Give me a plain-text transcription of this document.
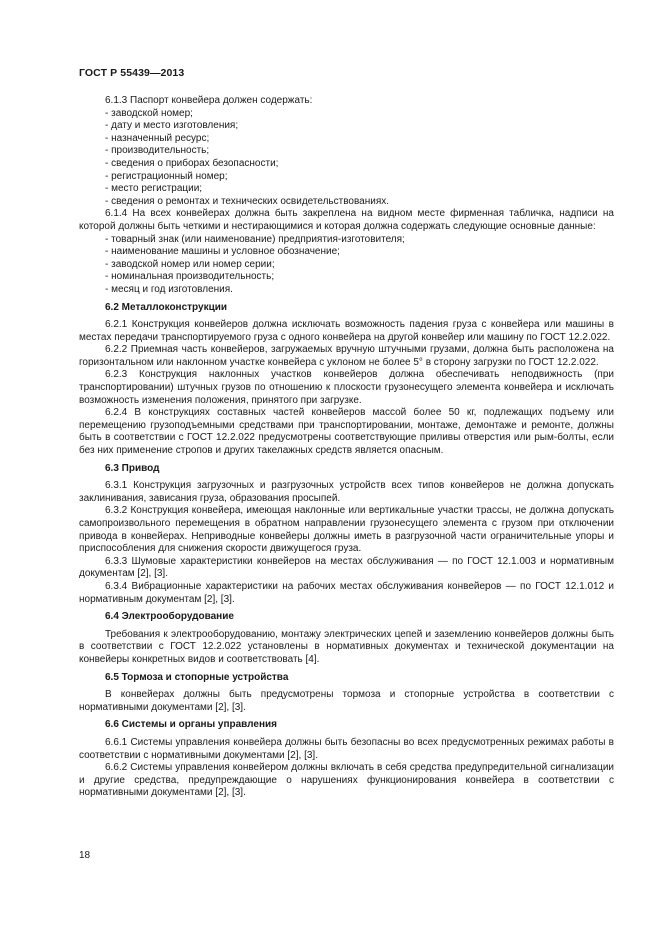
ГОСТ Р 55439—2013
6.1.3 Паспорт конвейера должен содержать:
- заводской номер;
- дату и место изготовления;
- назначенный ресурс;
- производительность;
- сведения о приборах безопасности;
- регистрационный номер;
- место регистрации;
- сведения о ремонтах и технических освидетельствованиях.
6.1.4 На всех конвейерах должна быть закреплена на видном месте фирменная табличка, надписи на которой должны быть четкими и нестирающимися и которая должна содержать следующие основные данные:
- товарный знак (или наименование) предприятия-изготовителя;
- наименование машины и условное обозначение;
- заводской номер или номер серии;
- номинальная производительность;
- месяц и год изготовления.
6.2 Металлоконструкции
6.2.1 Конструкция конвейеров должна исключать возможность падения груза с конвейера или машины в местах передачи транспортируемого груза с одного конвейера на другой конвейер или машину по ГОСТ 12.2.022.
6.2.2 Приемная часть конвейеров, загружаемых вручную штучными грузами, должна быть расположена на горизонтальном или наклонном участке конвейера с уклоном не более 5° в сторону загрузки по ГОСТ 12.2.022.
6.2.3 Конструкция наклонных участков конвейеров должна обеспечивать неподвижность (при транспортировании) штучных грузов по отношению к плоскости грузонесущего элемента конвейера и исключать возможность изменения положения, принятого при загрузке.
6.2.4 В конструкциях составных частей конвейеров массой более 50 кг, подлежащих подъему или перемещению грузоподъемными средствами при транспортировании, монтаже, демонтаже и ремонте, должны быть в соответствии с ГОСТ 12.2.022 предусмотрены соответствующие приливы отверстия или рым-болты, если без них применение стропов и других такелажных средств является опасным.
6.3 Привод
6.3.1 Конструкция загрузочных и разгрузочных устройств всех типов конвейеров не должна допускать заклинивания, зависания груза, образования просыпей.
6.3.2 Конструкция конвейера, имеющая наклонные или вертикальные участки трассы, не должна допускать самопроизвольного перемещения в обратном направлении грузонесущего элемента с грузом при отключении привода в конвейерах. Неприводные конвейеры должны иметь в разгрузочной части ограничительные упоры и приспособления для снижения скорости движущегося груза.
6.3.3 Шумовые характеристики конвейеров на местах обслуживания — по ГОСТ 12.1.003 и нормативным документам [2], [3].
6.3.4 Вибрационные характеристики на рабочих местах обслуживания конвейеров — по ГОСТ 12.1.012 и нормативным документам [2], [3].
6.4 Электрооборудование
Требования к электрооборудованию, монтажу электрических цепей и заземлению конвейеров должны быть в соответствии с ГОСТ 12.2.022 установлены в нормативных документах и технической документации на конвейеры конкретных видов и соответствовать [4].
6.5 Тормоза и стопорные устройства
В конвейерах должны быть предусмотрены тормоза и стопорные устройства в соответствии с нормативными документами [2], [3].
6.6 Системы и органы управления
6.6.1 Системы управления конвейера должны быть безопасны во всех предусмотренных режимах работы в соответствии с нормативными документами [2], [3].
6.6.2 Системы управления конвейером должны включать в себя средства предупредительной сигнализации и другие средства, предупреждающие о нарушениях функционирования конвейера в соответствии с нормативными документами [2], [3].
18
